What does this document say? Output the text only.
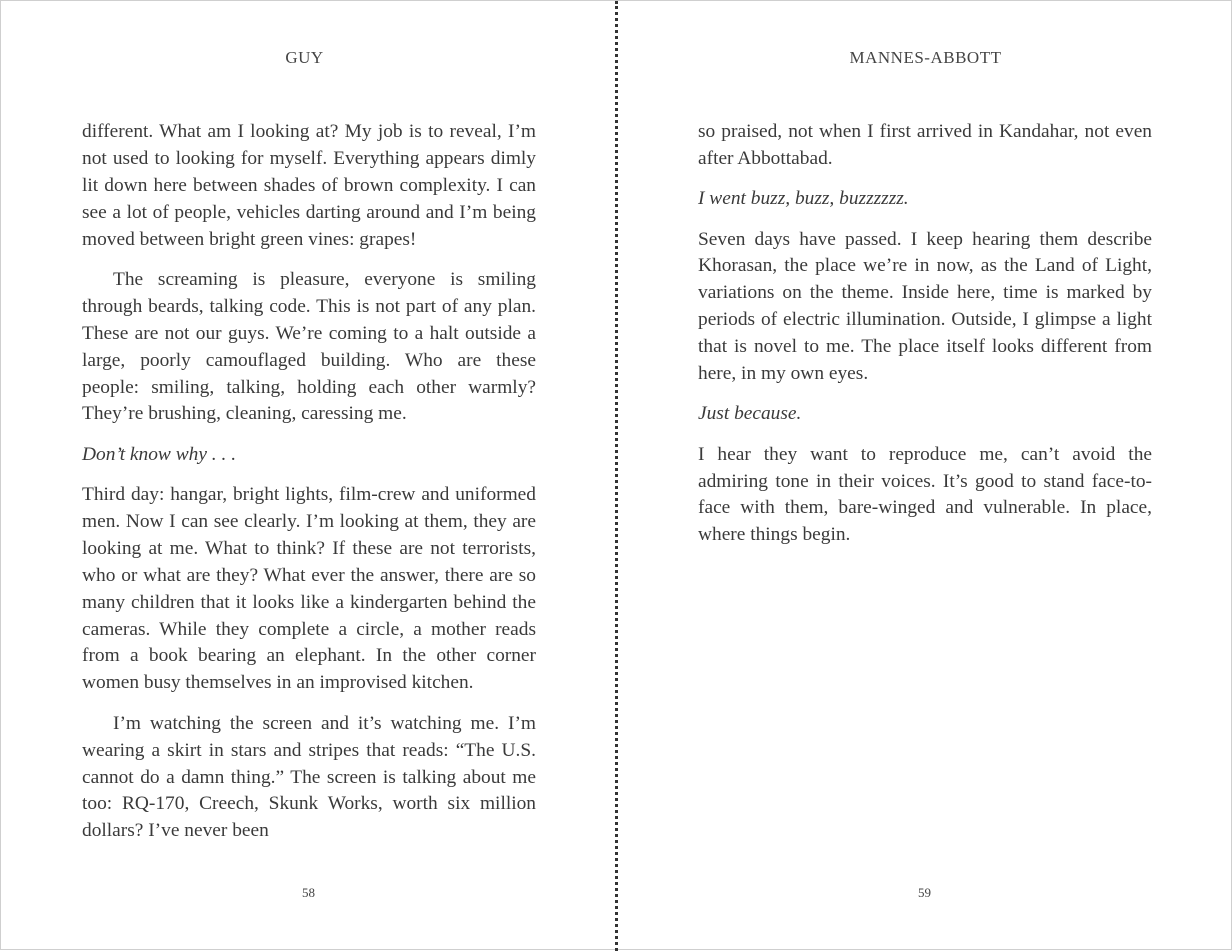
GUY

different. What am I looking at? My job is to reveal, I’m not used to looking for myself. Everything appears dimly lit down here between shades of brown complexity. I can see a lot of people, vehicles darting around and I’m being moved between bright green vines: grapes!

The screaming is pleasure, everyone is smiling through beards, talking code. This is not part of any plan. These are not our guys. We’re coming to a halt outside a large, poorly camouflaged building. Who are these people: smiling, talking, holding each other warmly? They’re brushing, cleaning, caressing me.

Don’t know why . . .

Third day: hangar, bright lights, film-crew and uniformed men. Now I can see clearly. I’m looking at them, they are looking at me. What to think? If these are not terrorists, who or what are they? What ever the answer, there are so many children that it looks like a kindergarten behind the cameras. While they complete a circle, a mother reads from a book bearing an elephant. In the other corner women busy themselves in an improvised kitchen.

I’m watching the screen and it’s watching me. I’m wearing a skirt in stars and stripes that reads: “The U.S. cannot do a damn thing.” The screen is talking about me too: RQ-170, Creech, Skunk Works, worth six million dollars? I’ve never been

58
MANNES-ABBOTT

so praised, not when I first arrived in Kandahar, not even after Abbottabad.

I went buzz, buzz, buzzzzzz.

Seven days have passed. I keep hearing them describe Khorasan, the place we’re in now, as the Land of Light, variations on the theme. Inside here, time is marked by periods of electric illumination. Outside, I glimpse a light that is novel to me. The place itself looks different from here, in my own eyes.

Just because.

I hear they want to reproduce me, can’t avoid the admiring tone in their voices. It’s good to stand face-to-face with them, bare-winged and vulnerable. In place, where things begin.

59
